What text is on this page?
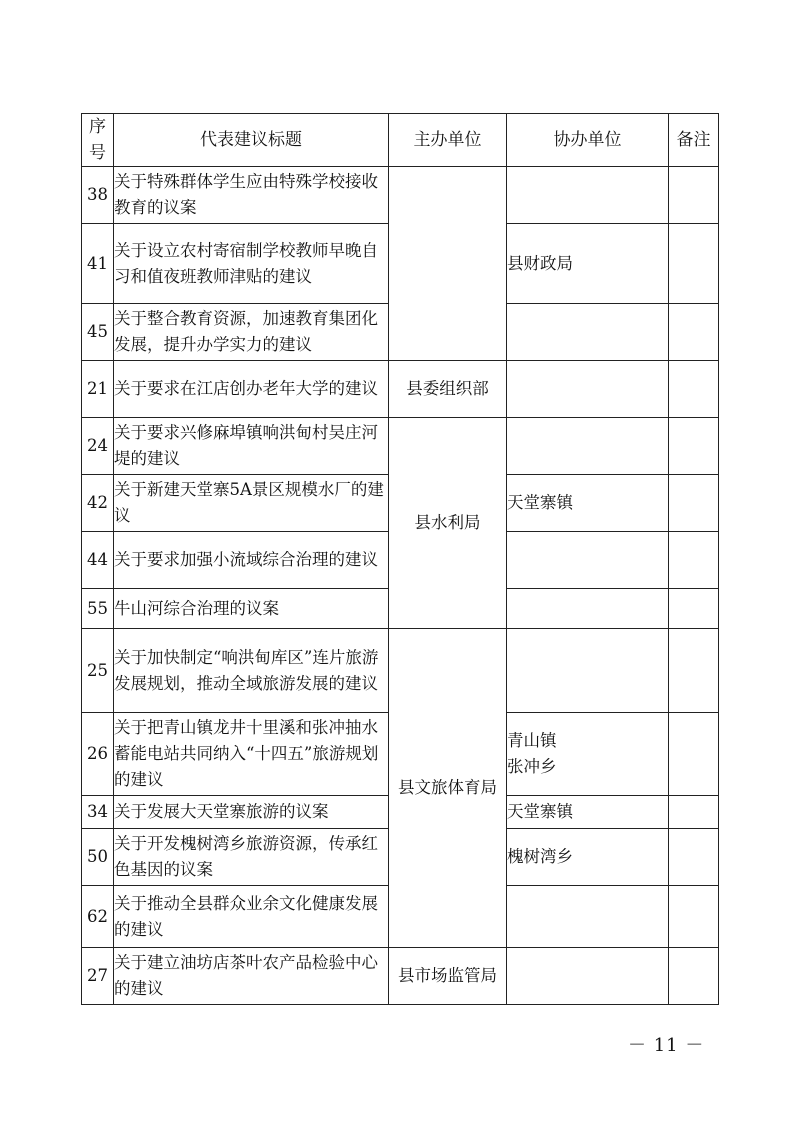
序号	代表建议标题	主办单位	协办单位	备注
38	关于特殊群体学生应由特殊学校接收教育的议案			
41	关于设立农村寄宿制学校教师早晚自习和值夜班教师津贴的建议		县财政局	
45	关于整合教育资源，加速教育集团化发展，提升办学实力的建议			
21	关于要求在江店创办老年大学的建议	县委组织部		
24	关于要求兴修麻埠镇响洪甸村吴庄河堤的建议	县水利局		
42	关于新建天堂寨5A景区规模水厂的建议		天堂寨镇	
44	关于要求加强小流域综合治理的建议			
55	牛山河综合治理的议案			
25	关于加快制定“响洪甸库区”连片旅游发展规划，推动全域旅游发展的建议	县文旅体育局		
26	关于把青山镇龙井十里溪和张冲抽水蓄能电站共同纳入“十四五”旅游规划的建议		青山镇
张冲乡	

34	关于发展大天堂寨旅游的议案		天堂寨镇	
50	关于开发槐树湾乡旅游资源，传承红色基因的议案		槐树湾乡	
62	关于推动全县群众业余文化健康发展的建议			
27	关于建立油坊店茶叶农产品检验中心的建议	县市场监管局		
－ 11 －
